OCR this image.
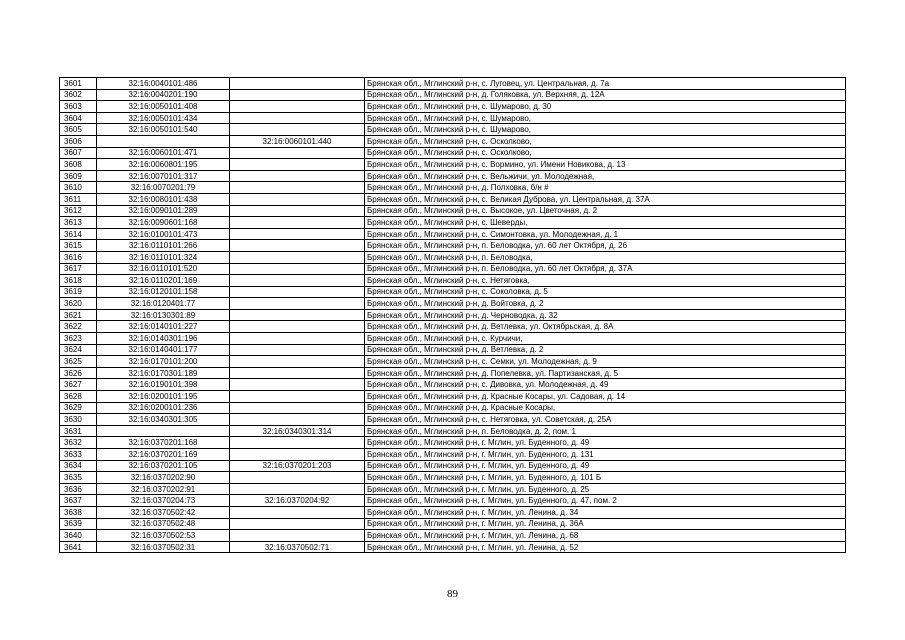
3601	32:16:0040101:486		Брянская обл., Мглинский р-н, с. Луговец, ул. Центральная, д. 7а
3602	32:16:0040201:190		Брянская обл., Мглинский р-н, д. Голяковка, ул. Верхняя, д. 12А
3603	32:16:0050101:408		Брянская обл., Мглинский р-н, с. Шумарово, д. 30
3604	32:16:0050101:434		Брянская обл., Мглинский р-н, с. Шумарово,
3605	32:16:0050101:540		Брянская обл., Мглинский р-н, с. Шумарово,
3606		32:16:0060101:440	Брянская обл., Мглинский р-н, с. Осколково,
3607	32:16:0060101:471		Брянская обл., Мглинский р-н, с. Осколково,
3608	32:16:0060801:195		Брянская обл., Мглинский р-н, с. Вормино, ул. Имени Новикова, д. 13
3609	32:16:0070101:317		Брянская обл., Мглинский р-н, с. Вельжичи, ул. Молодежная,
3610	32:16:0070201:79		Брянская обл., Мглинский р-н, д. Полховка, б/н #
3611	32:16:0080101:438		Брянская обл., Мглинский р-н, с. Великая Дуброва, ул. Центральная, д. 37А
3612	32:16:0090101:289		Брянская обл., Мглинский р-н, с. Высокое, ул. Цветочная, д. 2
3613	32:16:0090601:168		Брянская обл., Мглинский р-н, с. Шеверды,
3614	32:16:0100101:473		Брянская обл., Мглинский р-н, с. Симонтовка, ул. Молодежная, д. 1
3615	32:16:0110101:266		Брянская обл., Мглинский р-н, п. Беловодка, ул. 60 лет Октября, д. 26
3616	32:16:0110101:324		Брянская обл., Мглинский р-н, п. Беловодка,
3617	32:16:0110101:520		Брянская обл., Мглинский р-н, п. Беловодка, ул. 60 лет Октября, д. 37А
3618	32:16:0110201:169		Брянская обл., Мглинский р-н, с. Нетяговка,
3619	32:16:0120101:158		Брянская обл., Мглинский р-н, с. Соколовка, д. 5
3620	32:16:0120401:77		Брянская обл., Мглинский р-н, д. Войтовка, д. 2
3621	32:16:0130301:89		Брянская обл., Мглинский р-н, д. Черноводка, д. 32
3622	32:16:0140101:227		Брянская обл., Мглинский р-н, д. Ветлевка, ул. Октябрьская, д. 8А
3623	32:16:0140301:196		Брянская обл., Мглинский р-н, с. Курчичи,
3624	32:16:0140401:177		Брянская обл., Мглинский р-н, д. Ветлевка, д. 2
3625	32:16:0170101:200		Брянская обл., Мглинский р-н, с. Семки, ул. Молодежная, д. 9
3626	32:16:0170301:189		Брянская обл., Мглинский р-н, д. Попелевка, ул. Партизанская, д. 5
3627	32:16:0190101:398		Брянская обл., Мглинский р-н, с. Дивовка, ул. Молодежная, д. 49
3628	32:16:0200101:195		Брянская обл., Мглинский р-н, д. Красные Косары, ул. Садовая, д. 14
3629	32:16:0200101:236		Брянская обл., Мглинский р-н, д. Красные Косары,
3630	32:16:0340301:305		Брянская обл., Мглинский р-н, с. Нетяговка, ул. Советская, д. 25А
3631		32:16:0340301:314	Брянская обл., Мглинский р-н, п. Беловодка, д. 2, пом. 1
3632	32:16:0370201:168		Брянская обл., Мглинский р-н, г. Мглин, ул. Буденного, д. 49
3633	32:16:0370201:169		Брянская обл., Мглинский р-н, г. Мглин, ул. Буденного, д. 131
3634	32:16:0370201:105	32:16:0370201:203	Брянская обл., Мглинский р-н, г. Мглин, ул. Буденного, д. 49
3635	32:16:0370202:90		Брянская обл., Мглинский р-н, г. Мглин, ул. Буденного, д. 101 Б
3636	32:16:0370202:91		Брянская обл., Мглинский р-н, г. Мглин, ул. Буденного, д. 25
3637	32:16:0370204:73	32:16:0370204:92	Брянская обл., Мглинский р-н, г. Мглин, ул. Буденного, д. 47, пом. 2
3638	32:16:0370502:42		Брянская обл., Мглинский р-н, г. Мглин, ул. Ленина, д. 34
3639	32:16:0370502:48		Брянская обл., Мглинский р-н, г. Мглин, ул. Ленина, д. 36А
3640	32:16:0370502:53		Брянская обл., Мглинский р-н, г. Мглин, ул. Ленина, д. 68
3641	32:16:0370502:31	32:16:0370502:71	Брянская обл., Мглинский р-н, г. Мглин, ул. Ленина, д. 52
89
